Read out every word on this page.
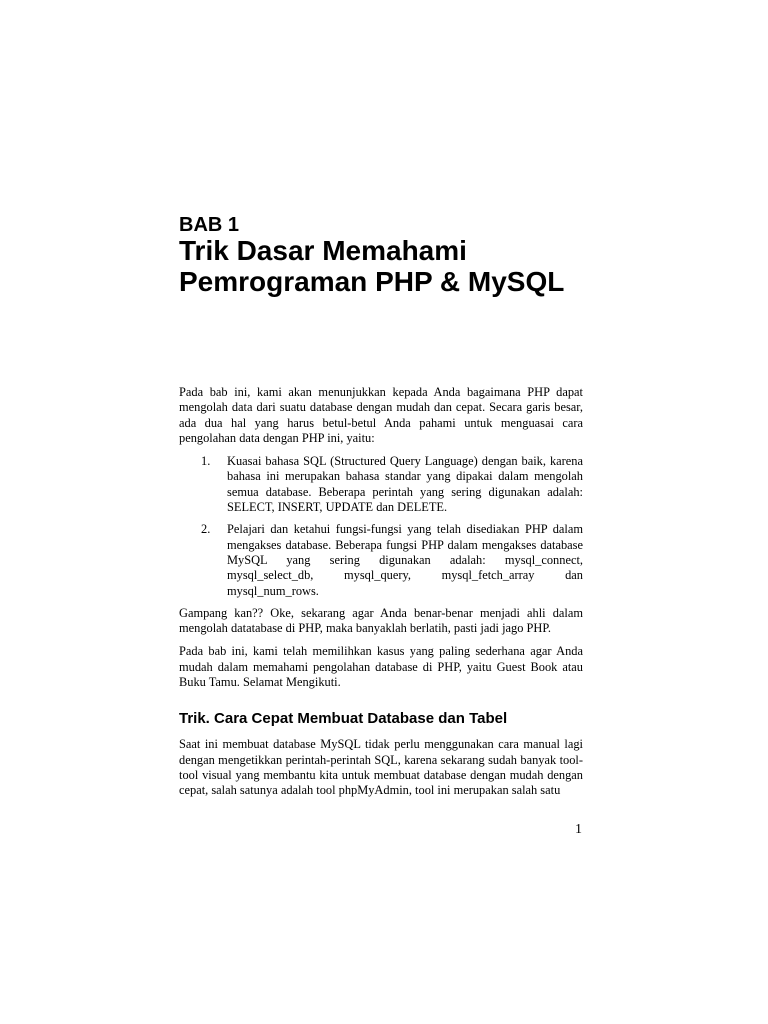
BAB 1
Trik Dasar Memahami
Pemrograman PHP & MySQL

Pada bab ini, kami akan menunjukkan kepada Anda bagaimana PHP dapat mengolah data dari suatu database dengan mudah dan cepat. Secara garis besar, ada dua hal yang harus betul-betul Anda pahami untuk menguasai cara pengolahan data dengan PHP ini, yaitu:

1. Kuasai bahasa SQL (Structured Query Language) dengan baik, karena bahasa ini merupakan bahasa standar yang dipakai dalam mengolah semua database. Beberapa perintah yang sering digunakan adalah: SELECT, INSERT, UPDATE dan DELETE.
2. Pelajari dan ketahui fungsi-fungsi yang telah disediakan PHP dalam mengakses database. Beberapa fungsi PHP dalam mengakses database MySQL yang sering digunakan adalah: mysql_connect, mysql_select_db, mysql_query, mysql_fetch_array dan mysql_num_rows.

Gampang kan?? Oke, sekarang agar Anda benar-benar menjadi ahli dalam mengolah datatabase di PHP, maka banyaklah berlatih, pasti jadi jago PHP.

Pada bab ini, kami telah memilihkan kasus yang paling sederhana agar Anda mudah dalam memahami pengolahan database di PHP, yaitu Guest Book atau Buku Tamu. Selamat Mengikuti.

Trik. Cara Cepat Membuat Database dan Tabel

Saat ini membuat database MySQL tidak perlu menggunakan cara manual lagi dengan mengetikkan perintah-perintah SQL, karena sekarang sudah banyak tool-tool visual yang membantu kita untuk membuat database dengan mudah dengan cepat, salah satunya adalah tool phpMyAdmin, tool ini merupakan salah satu

1
